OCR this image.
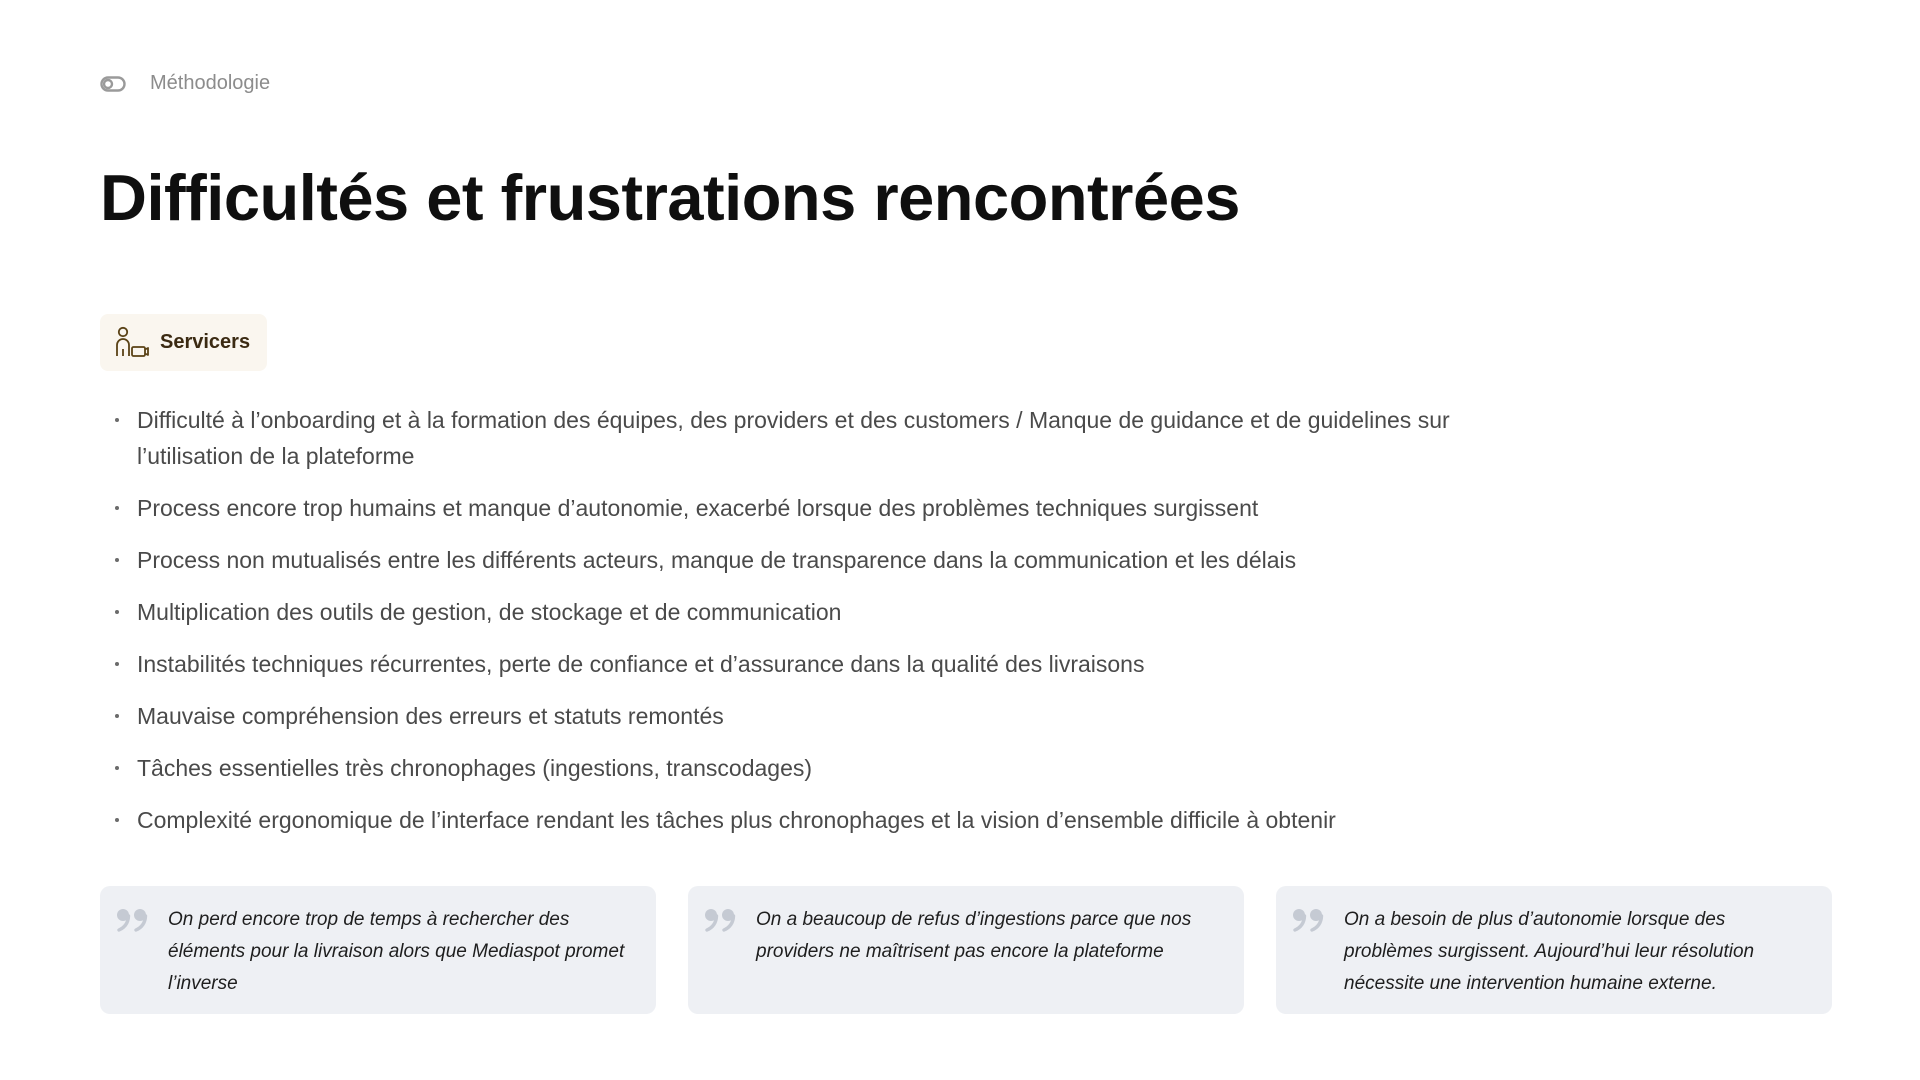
Méthodologie
Difficultés et frustrations rencontrées
Servicers
Difficulté à l’onboarding et à la formation des équipes, des providers et des customers / Manque de guidance et de guidelines sur l’utilisation de la plateforme
Process encore trop humains et manque d’autonomie, exacerbé lorsque des problèmes techniques surgissent
Process non mutualisés entre les différents acteurs, manque de transparence dans la communication et les délais
Multiplication des outils de gestion, de stockage et de communication
Instabilités techniques récurrentes, perte de confiance et d’assurance dans la qualité des livraisons
Mauvaise compréhension des erreurs et statuts remontés
Tâches essentielles très chronophages (ingestions, transcodages)
Complexité ergonomique de l’interface rendant les tâches plus chronophages et la vision d’ensemble difficile à obtenir
On perd encore trop de temps à rechercher des éléments pour la livraison alors que Mediaspot promet l’inverse
On a beaucoup de refus d’ingestions parce que nos providers ne maîtrisent pas encore la plateforme
On a besoin de plus d’autonomie lorsque des problèmes surgissent. Aujourd’hui leur résolution nécessite une intervention humaine externe.
